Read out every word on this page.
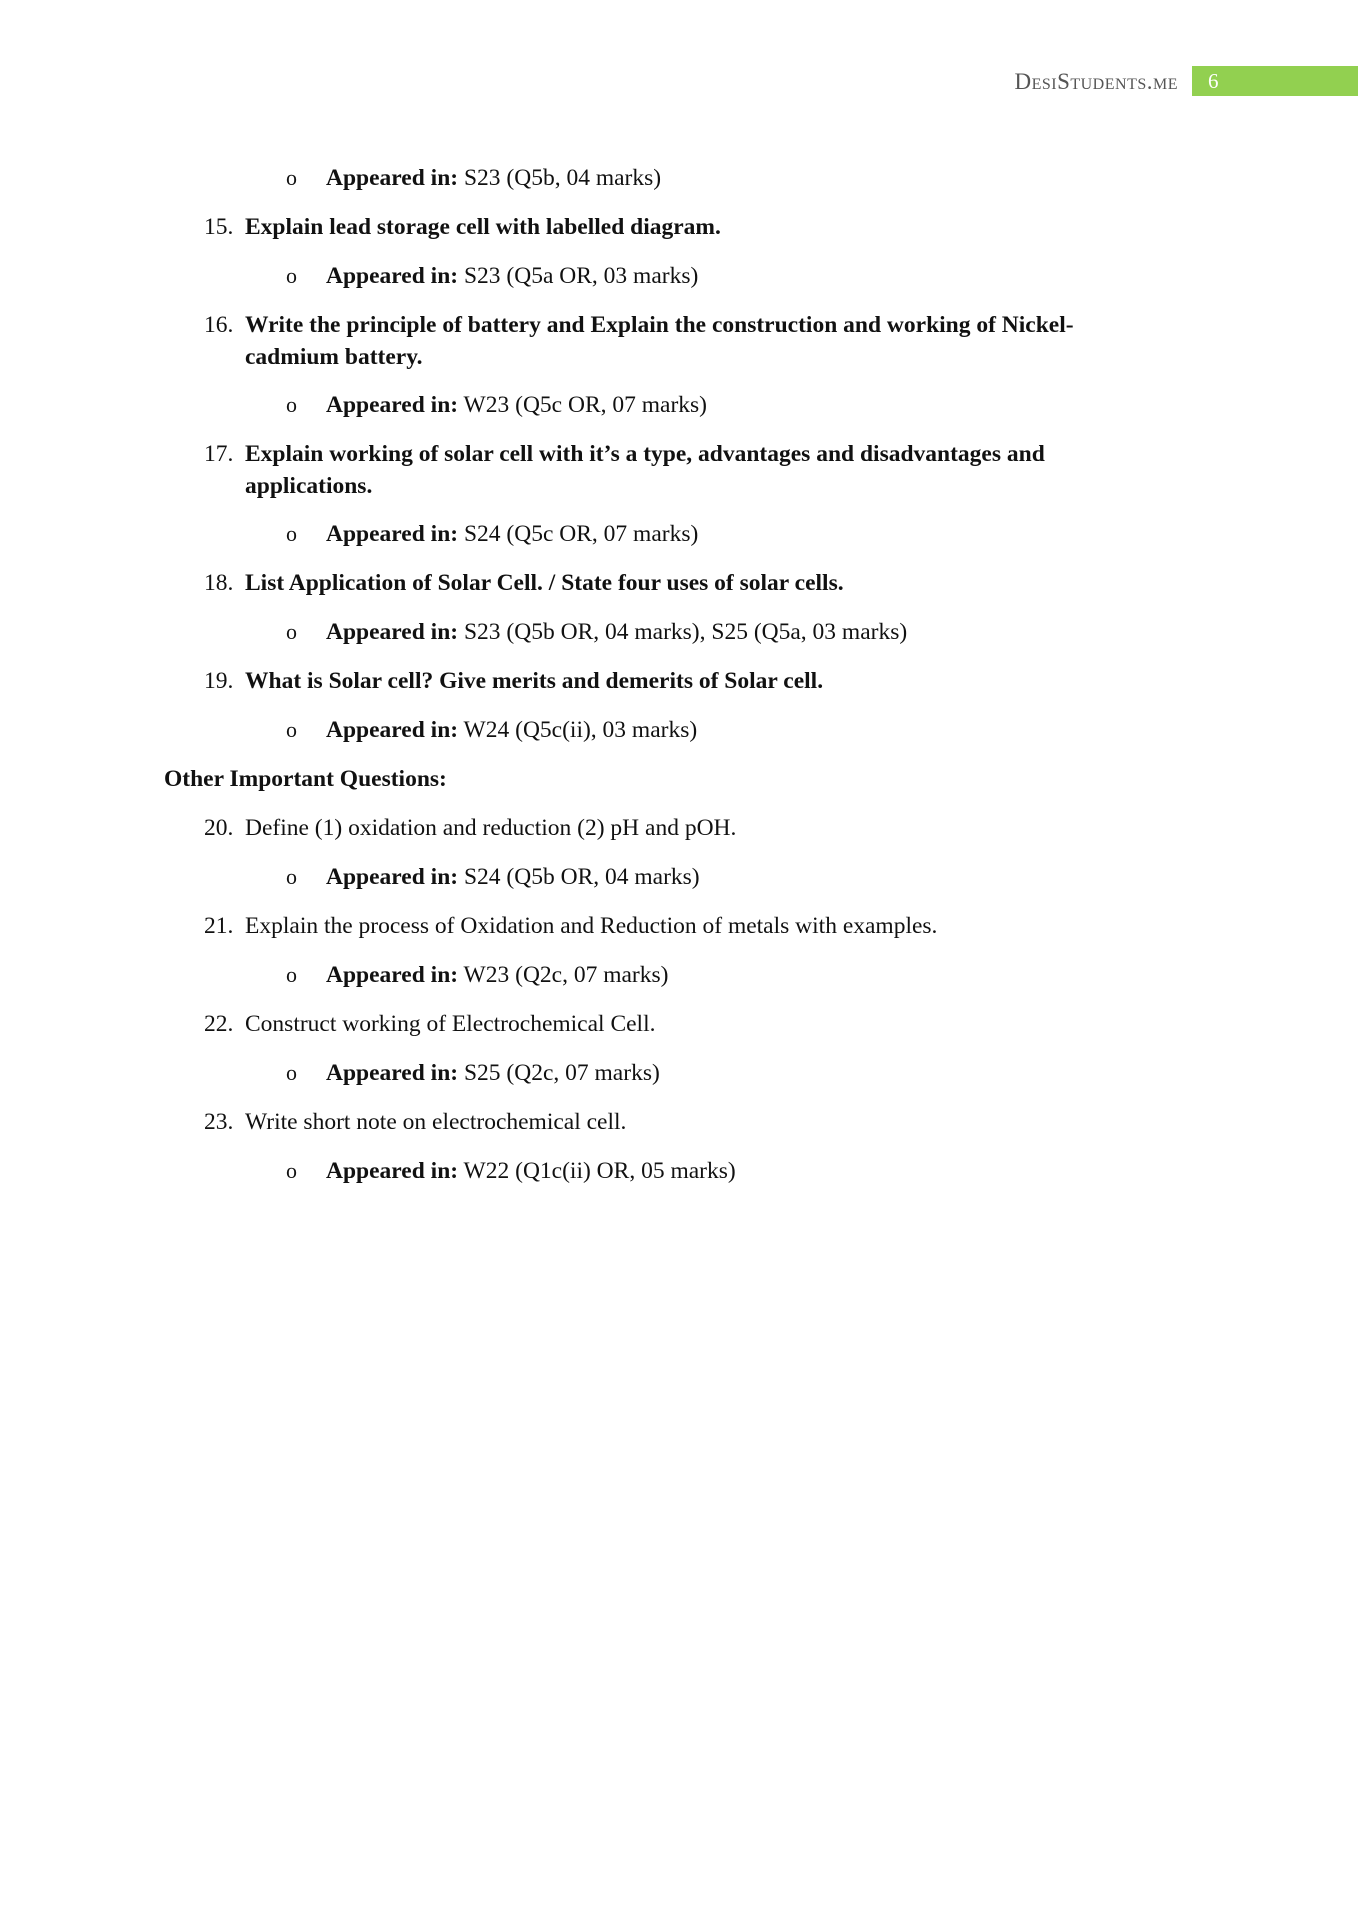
DesiStudents.me 6
o Appeared in: S23 (Q5b, 04 marks)
15. Explain lead storage cell with labelled diagram.
o Appeared in: S23 (Q5a OR, 03 marks)
16. Write the principle of battery and Explain the construction and working of Nickel-
cadmium battery.
o Appeared in: W23 (Q5c OR, 07 marks)
17. Explain working of solar cell with it’s a type, advantages and disadvantages and
applications.
o Appeared in: S24 (Q5c OR, 07 marks)
18. List Application of Solar Cell. / State four uses of solar cells.
o Appeared in: S23 (Q5b OR, 04 marks), S25 (Q5a, 03 marks)
19. What is Solar cell? Give merits and demerits of Solar cell.
o Appeared in: W24 (Q5c(ii), 03 marks)
Other Important Questions:
20. Define (1) oxidation and reduction (2) pH and pOH.
o Appeared in: S24 (Q5b OR, 04 marks)
21. Explain the process of Oxidation and Reduction of metals with examples.
o Appeared in: W23 (Q2c, 07 marks)
22. Construct working of Electrochemical Cell.
o Appeared in: S25 (Q2c, 07 marks)
23. Write short note on electrochemical cell.
o Appeared in: W22 (Q1c(ii) OR, 05 marks)
